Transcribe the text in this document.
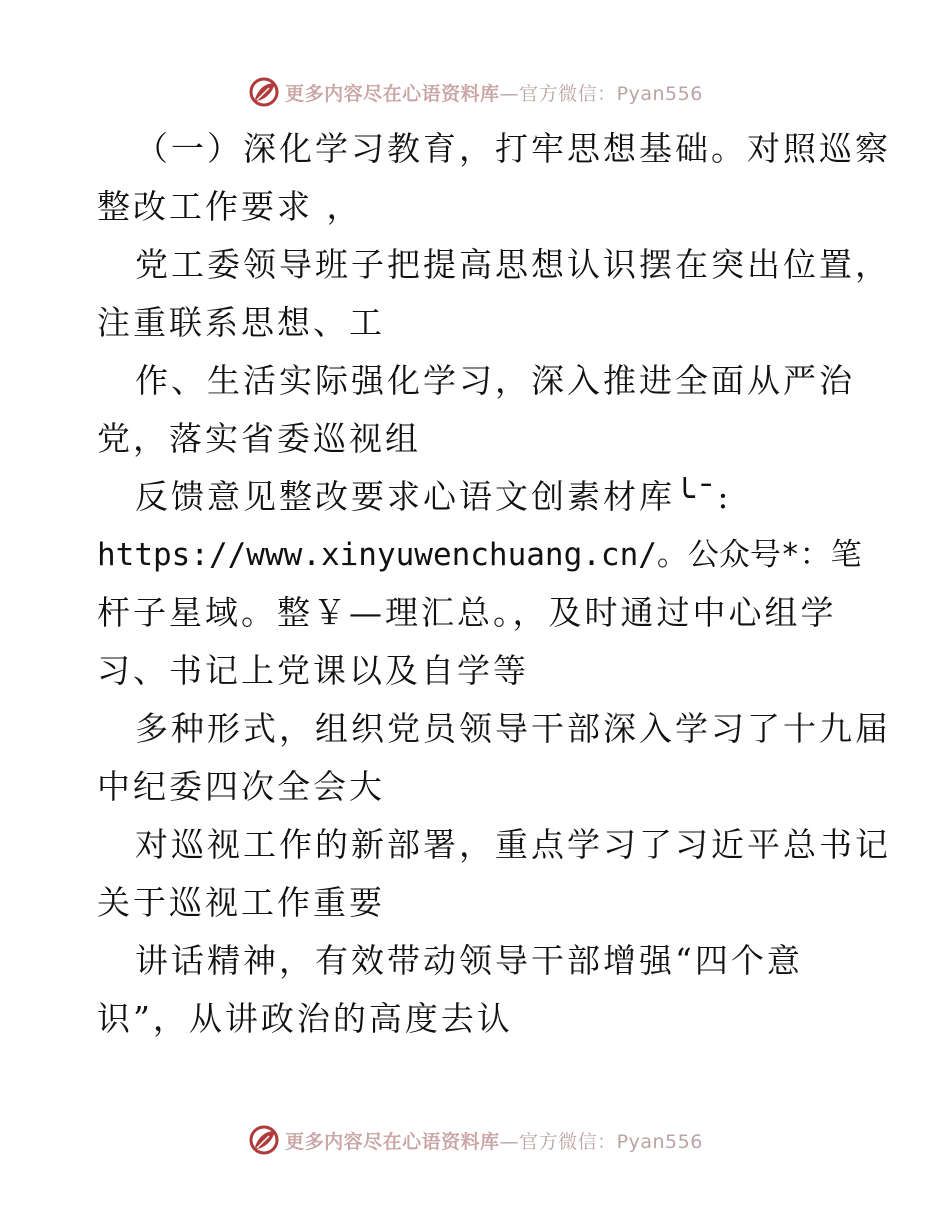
更多内容尽在心语资料库—官方微信：Pyan556
（一）深化学习教育，打牢思想基础。对照巡察
整改工作要求 ，
党工委领导班子把提高思想认识摆在突出位置，
注重联系思想、工
作、生活实际强化学习，深入推进全面从严治
党，落实省委巡视组
反馈意见整改要求心语文创素材库╰¯:
https://www.xinyuwenchuang.cn/。公众号*：笔
杆子星域。整￥—理汇总。，及时通过中心组学
习、书记上党课以及自学等
多种形式，组织党员领导干部深入学习了十九届
中纪委四次全会大
对巡视工作的新部署，重点学习了习近平总书记
关于巡视工作重要
讲话精神，有效带动领导干部增强“四个意
识”，从讲政治的高度去认
更多内容尽在心语资料库—官方微信：Pyan556
